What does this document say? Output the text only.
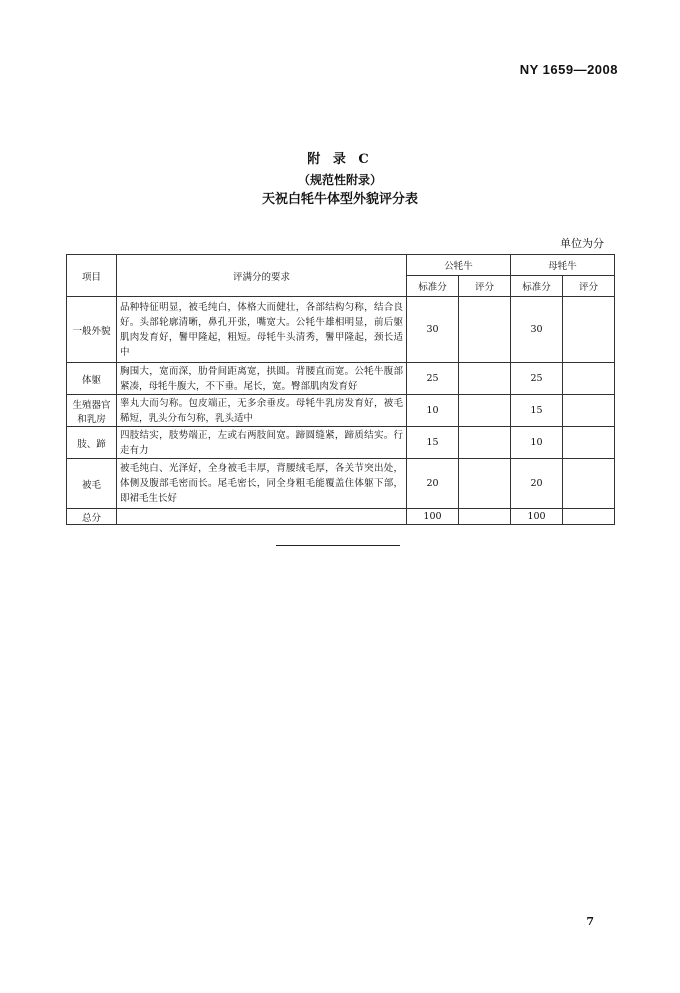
NY 1659—2008
附 录 C
（规范性附录）
天祝白牦牛体型外貌评分表
单位为分
项目	评满分的要求	公牦牛		母牦牛	
		标准分	评分	标准分	评分
一般外貌	品种特征明显，被毛纯白，体格大而健壮，各部结构匀称，结合良好。头部轮廓清晰，鼻孔开张，嘴宽大。公牦牛雄相明显，前后躯肌肉发育好，鬐甲隆起，粗短。母牦牛头清秀，鬐甲隆起，颈长适中	30		30	
体躯	胸围大，宽而深，肋骨间距离宽，拱圆。背腰直而宽。公牦牛腹部紧凑，母牦牛腹大，不下垂。尾长，宽。臀部肌肉发育好	25		25	
生殖器官和乳房	睾丸大而匀称。包皮端正，无多余垂皮。母牦牛乳房发育好，被毛稀短，乳头分布匀称，乳头适中	10		15	
肢、蹄	四肢结实，肢势端正，左或右两肢间宽。蹄圆缝紧，蹄质结实。行走有力	15		10	
被毛	被毛纯白、光泽好，全身被毛丰厚，背腰绒毛厚，各关节突出处，体侧及腹部毛密而长。尾毛密长，同全身粗毛能覆盖住体躯下部，即裙毛生长好	20		20	
总分		100		100	
7
